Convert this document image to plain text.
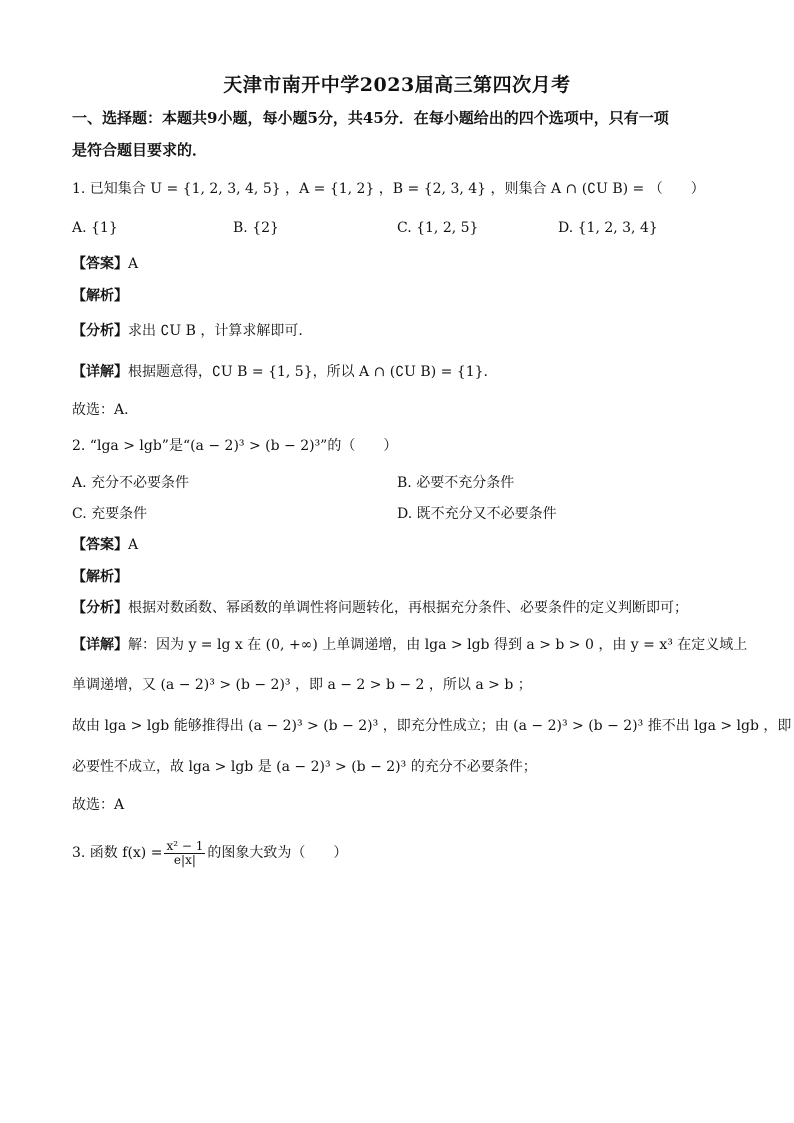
天津市南开中学2023届高三第四次月考
一、选择题：本题共9小题，每小题5分，共45分．在每小题给出的四个选项中，只有一项
是符合题目要求的．
1. 已知集合 U = {1, 2, 3, 4, 5} ，A = {1, 2} ，B = {2, 3, 4} ，则集合 A ∩ (∁U B) = （　　）
A. {1}	B. {2}	C. {1, 2, 5}	D. {1, 2, 3, 4}
【答案】A
【解析】
【分析】求出 ∁U B ，计算求解即可.
【详解】根据题意得，∁U B = {1, 5}，所以 A ∩ (∁U B) = {1}.
故选：A.
2. “lga > lgb”是“(a − 2)³ > (b − 2)³”的（　　）
A. 充分不必要条件	B. 必要不充分条件
C. 充要条件	D. 既不充分又不必要条件
【答案】A
【解析】
【分析】根据对数函数、幂函数的单调性将问题转化，再根据充分条件、必要条件的定义判断即可；
【详解】解：因为 y = lg x 在 (0, +∞) 上单调递增，由 lga > lgb 得到 a > b > 0 ，由 y = x³ 在定义域上
单调递增，又 (a − 2)³ > (b − 2)³ ，即 a − 2 > b − 2 ，所以 a > b ；
故由 lga > lgb 能够推得出 (a − 2)³ > (b − 2)³ ，即充分性成立；由 (a − 2)³ > (b − 2)³ 推不出 lga > lgb ，即
必要性不成立，故 lga > lgb 是 (a − 2)³ > (b − 2)³ 的充分不必要条件；
故选：A
3. 函数 $f(x) = \frac{\text{x² − 1}}{e|x|}$ 的图象大致为（　　）
